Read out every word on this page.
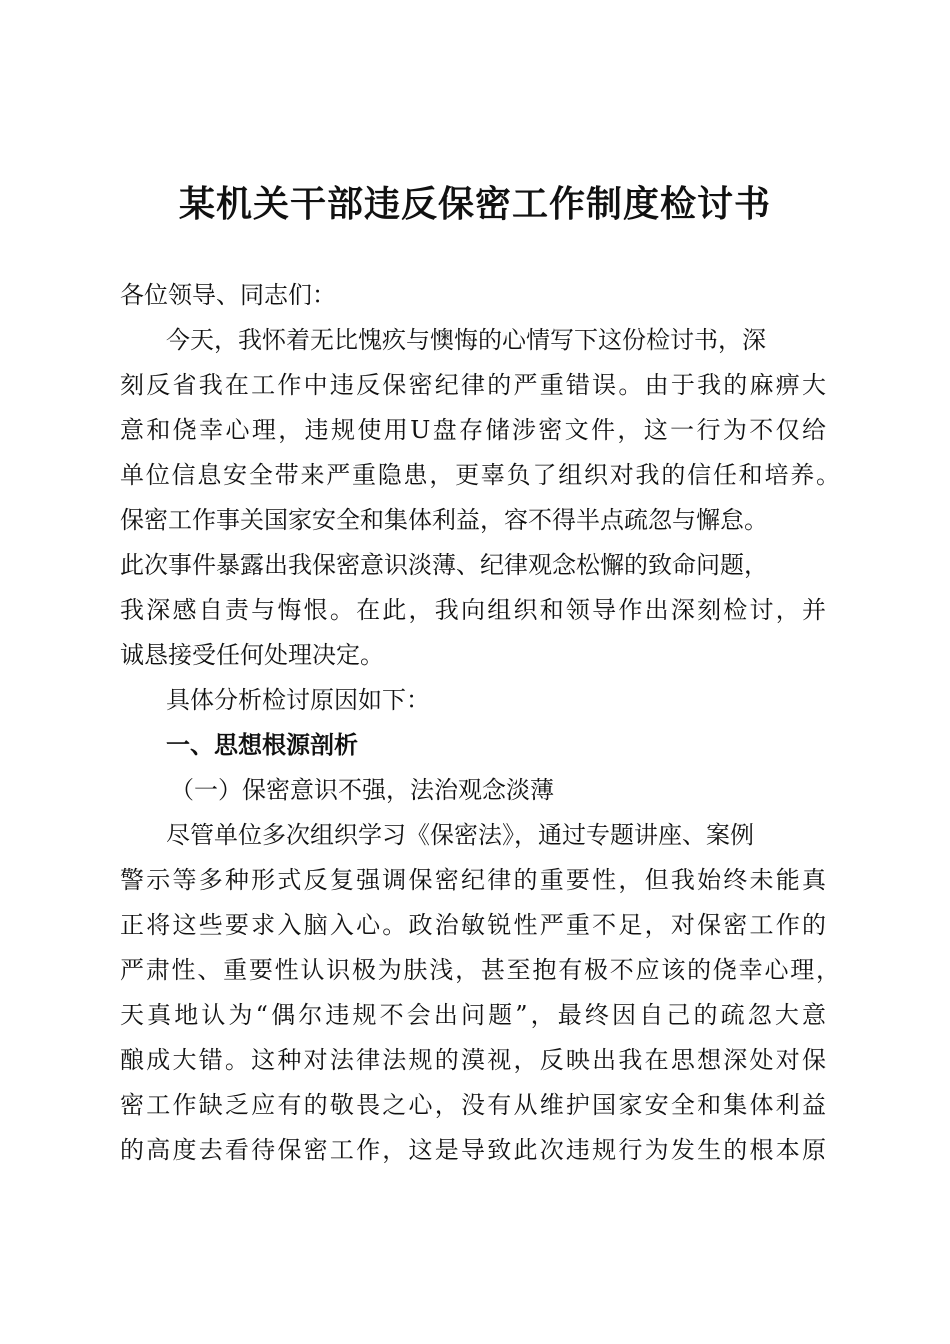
某机关干部违反保密工作制度检讨书

各位领导、同志们：

今天，我怀着无比愧疚与懊悔的心情写下这份检讨书，深

刻反省我在工作中违反保密纪律的严重错误。由于我的麻痹大

意和侥幸心理，违规使用U盘存储涉密文件，这一行为不仅给

单位信息安全带来严重隐患，更辜负了组织对我的信任和培养。

保密工作事关国家安全和集体利益，容不得半点疏忽与懈怠。

此次事件暴露出我保密意识淡薄、纪律观念松懈的致命问题，

我深感自责与悔恨。在此，我向组织和领导作出深刻检讨，并

诚恳接受任何处理决定。

具体分析检讨原因如下：

一、思想根源剖析

（一）保密意识不强，法治观念淡薄

尽管单位多次组织学习《保密法》，通过专题讲座、案例

警示等多种形式反复强调保密纪律的重要性，但我始终未能真

正将这些要求入脑入心。政治敏锐性严重不足，对保密工作的

严肃性、重要性认识极为肤浅，甚至抱有极不应该的侥幸心理，

天真地认为“偶尔违规不会出问题”，最终因自己的疏忽大意

酿成大错。这种对法律法规的漠视，反映出我在思想深处对保

密工作缺乏应有的敬畏之心，没有从维护国家安全和集体利益

的高度去看待保密工作，这是导致此次违规行为发生的根本原
